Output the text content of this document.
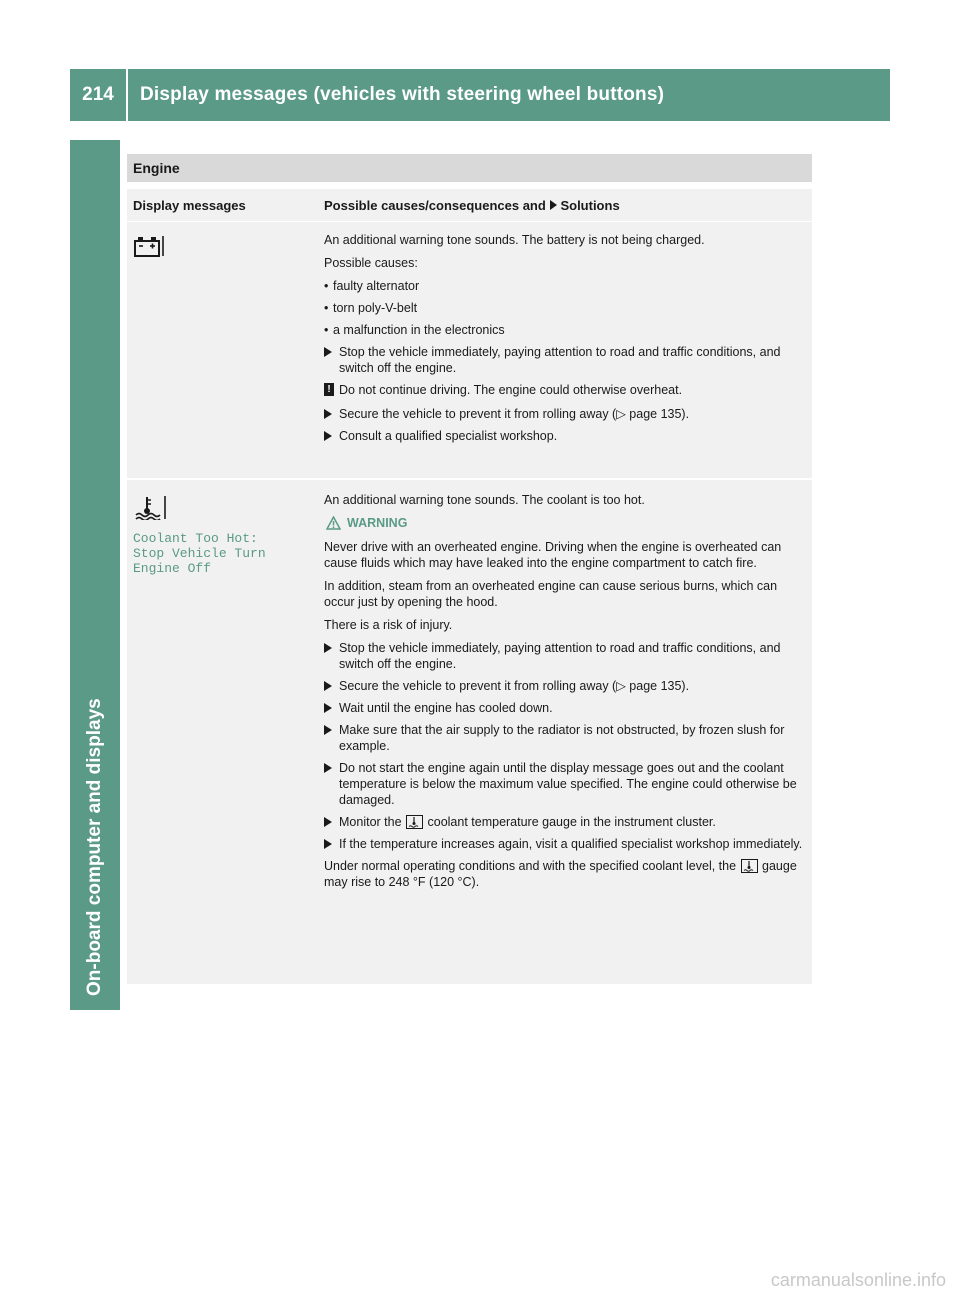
214	Display messages (vehicles with steering wheel buttons)
On-board computer and displays
Engine
Display messages	Possible causes/consequences and Solutions

An additional warning tone sounds. The battery is not being charged.

Possible causes:

• faulty alternator
• torn poly-V-belt
• a malfunction in the electronics
Stop the vehicle immediately, paying attention to road and traffic conditions, and switch off the engine.
! Do not continue driving. The engine could otherwise overheat.
Secure the vehicle to prevent it from rolling away (▷ page 135).
Consult a qualified specialist workshop.
Coolant Too Hot:
Stop Vehicle Turn
Engine Off

An additional warning tone sounds. The coolant is too hot.

WARNING

Never drive with an overheated engine. Driving when the engine is overheated can cause fluids which may have leaked into the engine compartment to catch fire.

In addition, steam from an overheated engine can cause serious burns, which can occur just by opening the hood.

There is a risk of injury.

Stop the vehicle immediately, paying attention to road and traffic conditions, and switch off the engine.
Secure the vehicle to prevent it from rolling away (▷ page 135).
Wait until the engine has cooled down.
Make sure that the air supply to the radiator is not obstructed, by frozen slush for example.
Do not start the engine again until the display message goes out and the coolant temperature is below the maximum value specified. The engine could otherwise be damaged.
Monitor the coolant temperature gauge in the instrument cluster.
If the temperature increases again, visit a qualified specialist workshop immediately.

Under normal operating conditions and with the specified coolant level, the gauge may rise to 248 °F (120 °C).

carmanualsonline.info
